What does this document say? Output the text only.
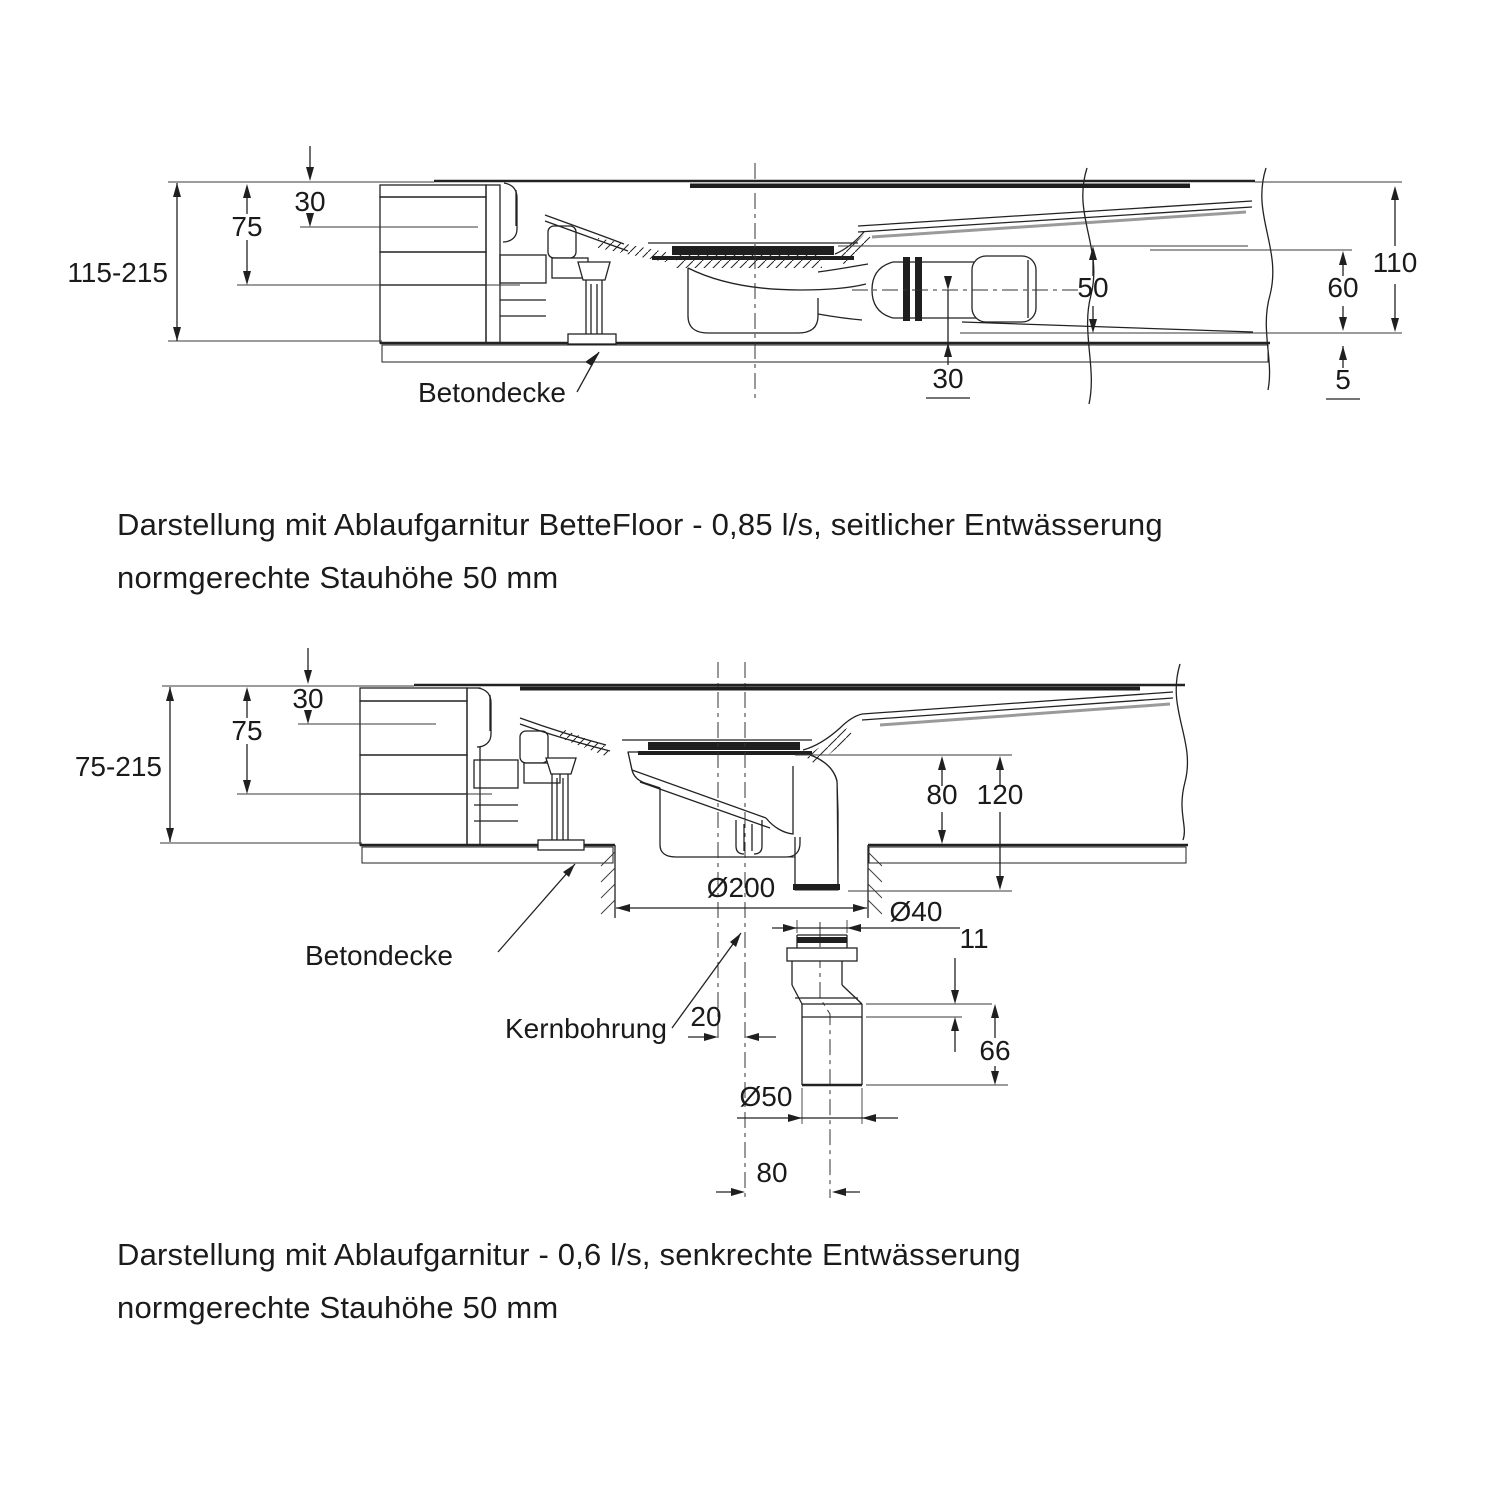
30
75
115-215	50
30
110
60
5
Betondecke
30
75
75-215
80 120
Ø200
Ø40
20
11
66
Ø50
80
Betondecke
Kernbohrung
Darstellung mit Ablaufgarnitur BetteFloor - 0,85 l/s, seitlicher Entwässerung
normgerechte Stauhöhe 50 mm
Darstellung mit Ablaufgarnitur - 0,6 l/s, senkrechte Entwässerung
normgerechte Stauhöhe 50 mm
